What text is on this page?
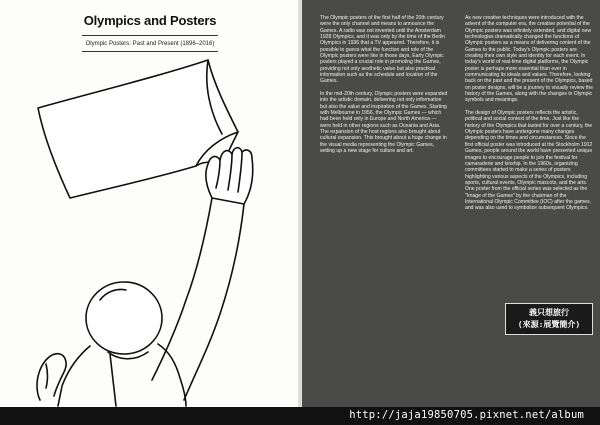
Olympics and Posters
Olympic Posters: Past and Present (1896–2016)

The Olympic posters of the first half of the 20th century were the only channel and means to announce the Games. A radio was not invented until the Amsterdam 1928 Olympics, and it was only by the time of the Berlin Olympics in 1936 that a TV appeared. Therefore, it is possible to guess what the function and role of the Olympic posters were like in those days. Early Olympic posters played a crucial role in promoting the Games, providing not only aesthetic value but also practical information such as the schedule and location of the Games.

In the mid-20th century, Olympic posters were expanded into the artistic domain, delivering not only information but also the value and inspiration of the Games. Starting with Melbourne in 1956, the Olympic Games — which had been held only in Europe and North America — were held in other regions such as Oceania and Asia. The expansion of the host regions also brought about cultural expansion. This brought about a huge change in the visual media representing the Olympic Games, setting up a new stage for culture and art.

As new creative techniques were introduced with the advent of the computer era, the creative potential of the Olympic posters was infinitely extended, and digital new technologies dramatically changed the functions of Olympic posters as a means of delivering content of the Games to the public. Today's Olympic posters are creating their own style and identity for each event. In today's world of real-time digital platforms, the Olympic poster is perhaps more essential than ever in communicating its ideals and values. Therefore, looking back on the past and the present of the Olympics, based on poster designs, will be a journey to visually review the history of the Games, along with the changes in Olympic symbols and meanings.

The design of Olympic posters reflects the artistic, political and social context of the time. Just like the history of the Olympics that lasted for over a century, the Olympic posters have undergone many changes depending on the times and circumstances. Since the first official poster was introduced at the Stockholm 1912 Games, people around the world have presented unique images to encourage people to join the festival for camaraderie and kinship. In the 1960s, organizing committees started to make a series of posters highlighting various aspects of the Olympics, including sports, cultural events, Olympic mascots, and the arts. One poster from the official series was selected as the "Image of the Games" by the chairman of the International Olympic Committee (IOC) after the games, and was also used to symbolize subsequent Olympics.

義只想旅行
(來源:展覽簡介)
http://jaja19850705.pixnet.net/album
